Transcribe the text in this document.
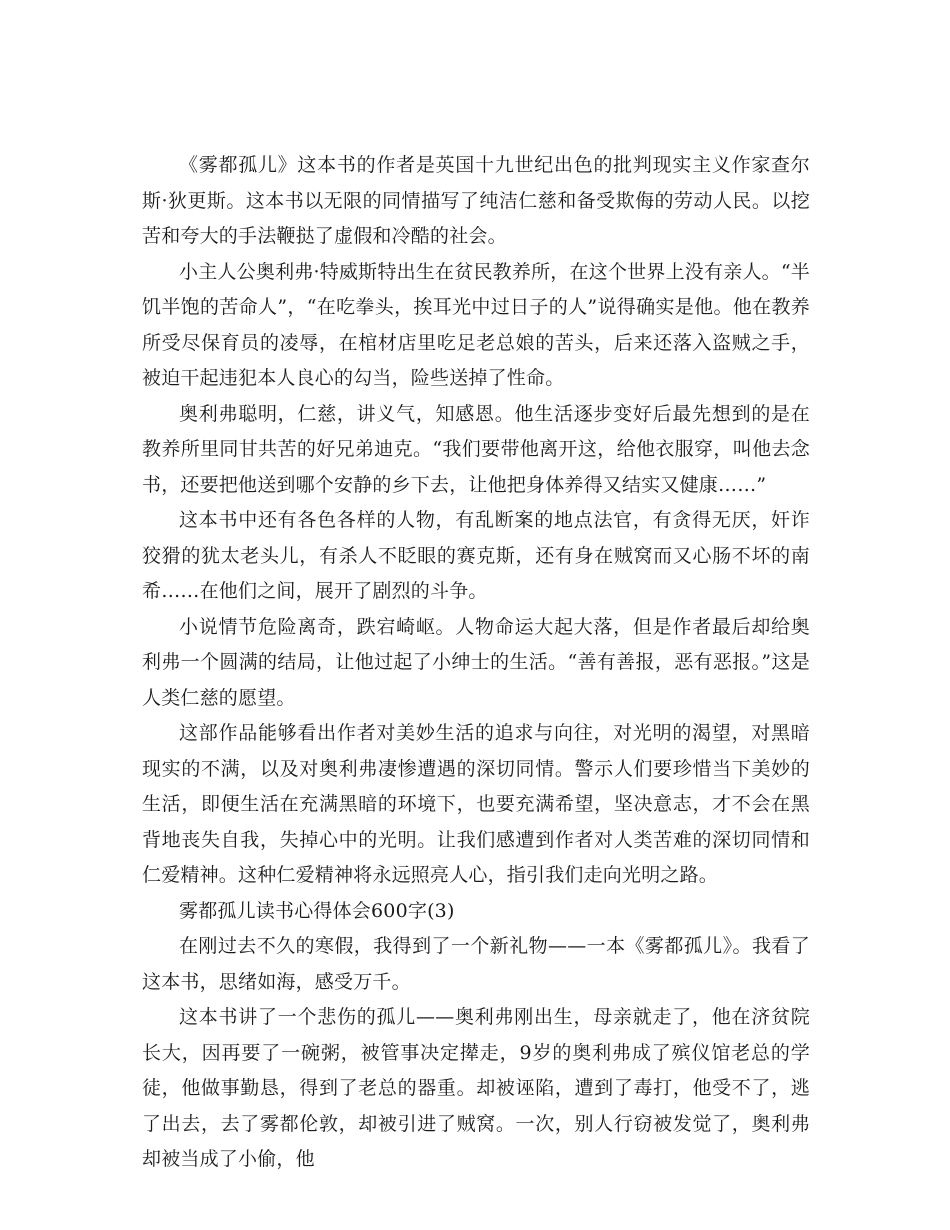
《雾都孤儿》这本书的作者是英国十九世纪出色的批判现实主义作家查尔斯·狄更斯。这本书以无限的同情描写了纯洁仁慈和备受欺侮的劳动人民。以挖苦和夸大的手法鞭挞了虚假和冷酷的社会。

小主人公奥利弗·特威斯特出生在贫民教养所，在这个世界上没有亲人。“半饥半饱的苦命人”，“在吃拳头，挨耳光中过日子的人”说得确实是他。他在教养所受尽保育员的凌辱，在棺材店里吃足老总娘的苦头，后来还落入盗贼之手，被迫干起违犯本人良心的勾当，险些送掉了性命。

奥利弗聪明，仁慈，讲义气，知感恩。他生活逐步变好后最先想到的是在教养所里同甘共苦的好兄弟迪克。“我们要带他离开这，给他衣服穿，叫他去念书，还要把他送到哪个安静的乡下去，让他把身体养得又结实又健康……”

这本书中还有各色各样的人物，有乱断案的地点法官，有贪得无厌，奸诈狡猾的犹太老头儿，有杀人不眨眼的赛克斯，还有身在贼窝而又心肠不坏的南希……在他们之间，展开了剧烈的斗争。

小说情节危险离奇，跌宕崎岖。人物命运大起大落，但是作者最后却给奥利弗一个圆满的结局，让他过起了小绅士的生活。“善有善报，恶有恶报。”这是人类仁慈的愿望。

这部作品能够看出作者对美妙生活的追求与向往，对光明的渴望，对黑暗现实的不满，以及对奥利弗凄惨遭遇的深切同情。警示人们要珍惜当下美妙的生活，即便生活在充满黑暗的环境下，也要充满希望，坚决意志，才不会在黑背地丧失自我，失掉心中的光明。让我们感遭到作者对人类苦难的深切同情和仁爱精神。这种仁爱精神将永远照亮人心，指引我们走向光明之路。

雾都孤儿读书心得体会600字(3)

在刚过去不久的寒假，我得到了一个新礼物——一本《雾都孤儿》。我看了这本书，思绪如海，感受万千。

这本书讲了一个悲伤的孤儿——奥利弗刚出生，母亲就走了，他在济贫院长大，因再要了一碗粥，被管事决定撵走，9岁的奥利弗成了殡仪馆老总的学徒，他做事勤恳，得到了老总的器重。却被诬陷，遭到了毒打，他受不了，逃了出去，去了雾都伦敦，却被引进了贼窝。一次，别人行窃被发觉了，奥利弗却被当成了小偷，他
